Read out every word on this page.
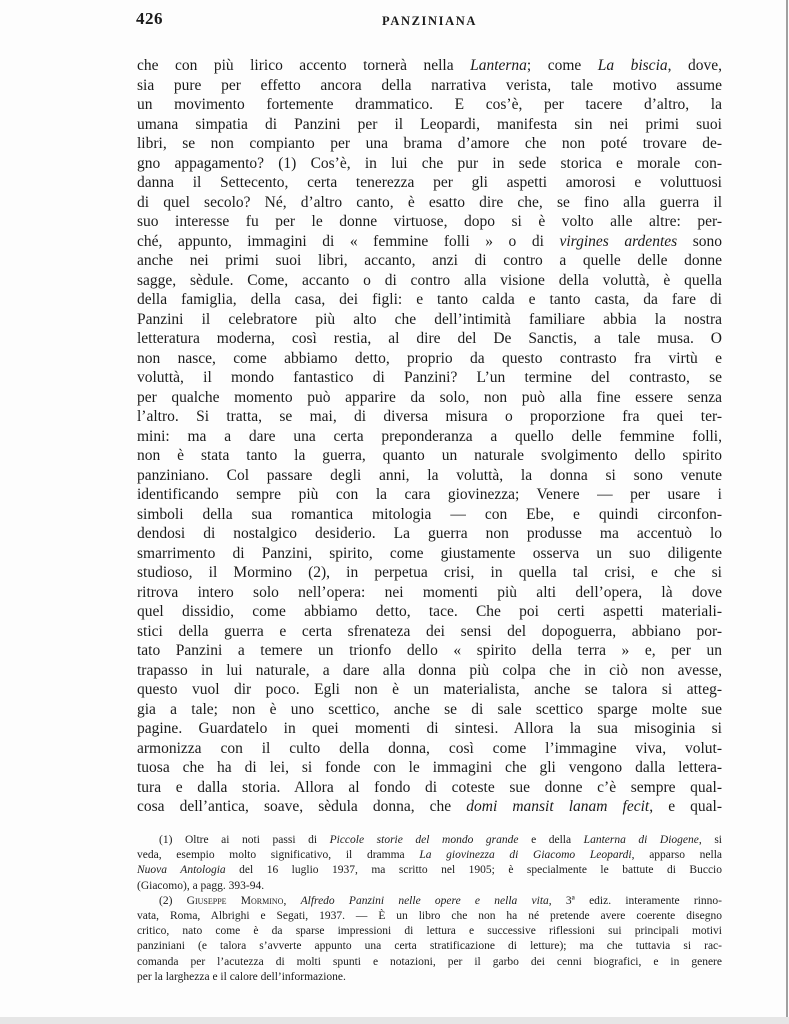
426	PANZINIANA
che con più lirico accento tornerà nella Lanterna; come La biscia, dove,
sia pure per effetto ancora della narrativa verista, tale motivo assume
un movimento fortemente drammatico. E cos’è, per tacere d’altro, la
umana simpatia di Panzini per il Leopardi, manifesta sin nei primi suoi
libri, se non compianto per una brama d’amore che non poté trovare de-
gno appagamento? (1) Cos’è, in lui che pur in sede storica e morale con-
danna il Settecento, certa tenerezza per gli aspetti amorosi e voluttuosi
di quel secolo? Né, d’altro canto, è esatto dire che, se fino alla guerra il
suo interesse fu per le donne virtuose, dopo si è volto alle altre: per-
ché, appunto, immagini di « femmine folli » o di virgines ardentes sono
anche nei primi suoi libri, accanto, anzi di contro a quelle delle donne
sagge, sèdule. Come, accanto o di contro alla visione della voluttà, è quella
della famiglia, della casa, dei figli: e tanto calda e tanto casta, da fare di
Panzini il celebratore più alto che dell’intimità familiare abbia la nostra
letteratura moderna, così restia, al dire del De Sanctis, a tale musa. O
non nasce, come abbiamo detto, proprio da questo contrasto fra virtù e
voluttà, il mondo fantastico di Panzini? L’un termine del contrasto, se
per qualche momento può apparire da solo, non può alla fine essere senza
l’altro. Si tratta, se mai, di diversa misura o proporzione fra quei ter-
mini: ma a dare una certa preponderanza a quello delle femmine folli,
non è stata tanto la guerra, quanto un naturale svolgimento dello spirito
panziniano. Col passare degli anni, la voluttà, la donna si sono venute
identificando sempre più con la cara giovinezza; Venere — per usare i
simboli della sua romantica mitologia — con Ebe, e quindi circonfon-
dendosi di nostalgico desiderio. La guerra non produsse ma accentuò lo
smarrimento di Panzini, spirito, come giustamente osserva un suo diligente
studioso, il Mormino (2), in perpetua crisi, in quella tal crisi, e che si
ritrova intero solo nell’opera: nei momenti più alti dell’opera, là dove
quel dissidio, come abbiamo detto, tace. Che poi certi aspetti materiali-
stici della guerra e certa sfrenateza dei sensi del dopoguerra, abbiano por-
tato Panzini a temere un trionfo dello « spirito della terra » e, per un
trapasso in lui naturale, a dare alla donna più colpa che in ciò non avesse,
questo vuol dir poco. Egli non è un materialista, anche se talora si atteg-
gia a tale; non è uno scettico, anche se di sale scettico sparge molte sue
pagine. Guardatelo in quei momenti di sintesi. Allora la sua misoginia si
armonizza con il culto della donna, così come l’immagine viva, volut-
tuosa che ha di lei, si fonde con le immagini che gli vengono dalla lettera-
tura e dalla storia. Allora al fondo di coteste sue donne c’è sempre qual-
cosa dell’antica, soave, sèdula donna, che domi mansit lanam fecit, e qual-
(1) Oltre ai noti passi di Piccole storie del mondo grande e della Lanterna di Diogene, si
veda, esempio molto significativo, il dramma La giovinezza di Giacomo Leopardi, apparso nella
Nuova Antologia del 16 luglio 1937, ma scritto nel 1905; è specialmente le battute di Buccio
(Giacomo), a pagg. 393-94.
(2) Giuseppe Mormino, Alfredo Panzini nelle opere e nella vita, 3ª ediz. interamente rinno-
vata, Roma, Albrighi e Segati, 1937. — È un libro che non ha né pretende avere coerente disegno
critico, nato come è da sparse impressioni di lettura e successive riflessioni sui principali motivi
panziniani (e talora s’avverte appunto una certa stratificazione di letture); ma che tuttavia si rac-
comanda per l’acutezza di molti spunti e notazioni, per il garbo dei cenni biografici, e in genere
per la larghezza e il calore dell’informazione.
